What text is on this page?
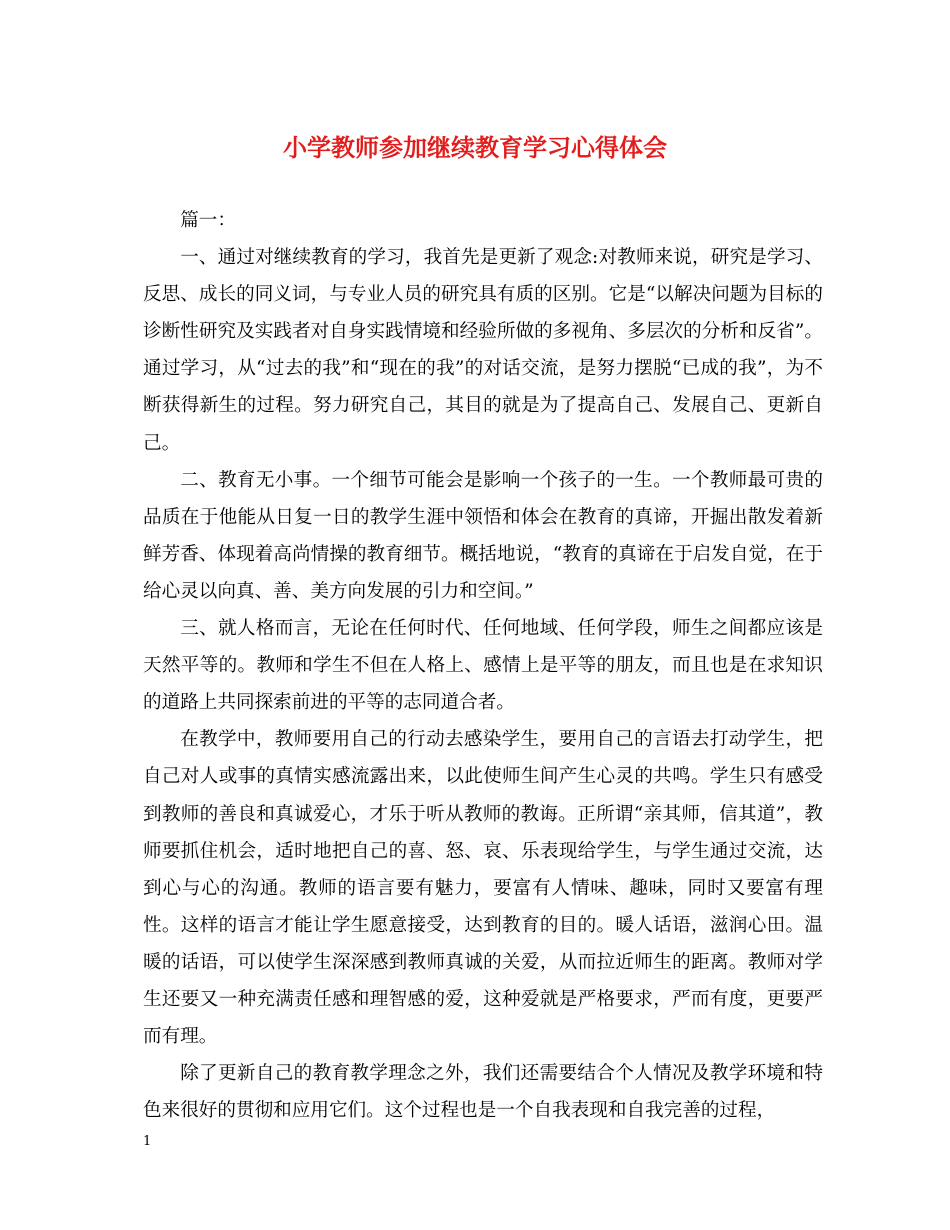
小学教师参加继续教育学习心得体会

篇一：

一、通过对继续教育的学习，我首先是更新了观念:对教师来说，研究是学习、反思、成长的同义词，与专业人员的研究具有质的区别。它是“以解决问题为目标的诊断性研究及实践者对自身实践情境和经验所做的多视角、多层次的分析和反省”。通过学习，从“过去的我”和“现在的我”的对话交流，是努力摆脱“已成的我”，为不断获得新生的过程。努力研究自己，其目的就是为了提高自己、发展自己、更新自己。

二、教育无小事。一个细节可能会是影响一个孩子的一生。一个教师最可贵的品质在于他能从日复一日的教学生涯中领悟和体会在教育的真谛，开掘出散发着新鲜芳香、体现着高尚情操的教育细节。概括地说，“教育的真谛在于启发自觉，在于给心灵以向真、善、美方向发展的引力和空间。”

三、就人格而言，无论在任何时代、任何地域、任何学段，师生之间都应该是天然平等的。教师和学生不但在人格上、感情上是平等的朋友，而且也是在求知识的道路上共同探索前进的平等的志同道合者。

在教学中，教师要用自己的行动去感染学生，要用自己的言语去打动学生，把自己对人或事的真情实感流露出来，以此使师生间产生心灵的共鸣。学生只有感受到教师的善良和真诚爱心，才乐于听从教师的教诲。正所谓“亲其师，信其道”，教师要抓住机会，适时地把自己的喜、怒、哀、乐表现给学生，与学生通过交流，达到心与心的沟通。教师的语言要有魅力，要富有人情味、趣味，同时又要富有理性。这样的语言才能让学生愿意接受，达到教育的目的。暖人话语，滋润心田。温暖的话语，可以使学生深深感到教师真诚的关爱，从而拉近师生的距离。教师对学生还要又一种充满责任感和理智感的爱，这种爱就是严格要求，严而有度，更要严而有理。

除了更新自己的教育教学理念之外，我们还需要结合个人情况及教学环境和特色来很好的贯彻和应用它们。这个过程也是一个自我表现和自我完善的过程，

1
